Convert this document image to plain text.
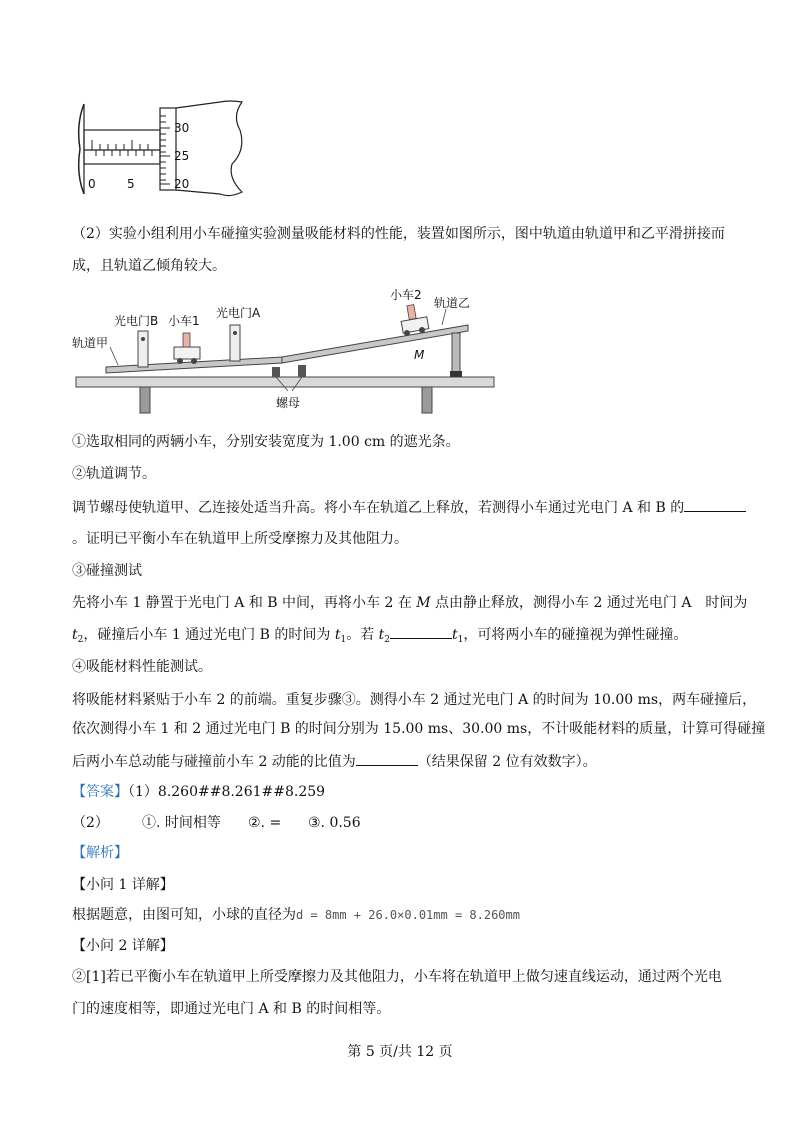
30
25
20
0	5
（2）实验小组利用小车碰撞实验测量吸能材料的性能，装置如图所示，图中轨道由轨道甲和乙平滑拼接而
成，且轨道乙倾角较大。
光电门B 小车1
光电门A
小车2
轨道乙
轨道甲
M
螺母
①选取相同的两辆小车，分别安装宽度为 1.00 cm 的遮光条。
②轨道调节。
调节螺母使轨道甲、乙连接处适当升高。将小车在轨道乙上释放，若测得小车通过光电门 A 和 B 的
。证明已平衡小车在轨道甲上所受摩擦力及其他阻力。
③碰撞测试
先将小车 1 静置于光电门 A 和 B 中间，再将小车 2 在 M 点由静止释放，测得小车 2 通过光电门 A　时间为
$t_2$，碰撞后小车 1 通过光电门 B 的时间为 $t_1$。若 $t_2$	$t_1$，可将两小车的碰撞视为弹性碰撞。
④吸能材料性能测试。
将吸能材料紧贴于小车 2 的前端。重复步骤③。测得小车 2 通过光电门 A 的时间为 10.00 ms，两车碰撞后，
依次测得小车 1 和 2 通过光电门 B 的时间分别为 15.00 ms、30.00 ms，不计吸能材料的质量，计算可得碰撞
后两小车总动能与碰撞前小车 2 动能的比值为	（结果保留 2 位有效数字）。
【答案】（1）8.260##8.261##8.259
（2） ①. 时间相等 ②. = ③. 0.56
【解析】
【小问 1 详解】
根据题意，由图可知，小球的直径为d = 8mm + 26.0×0.01mm = 8.260mm
【小问 2 详解】
②[1]若已平衡小车在轨道甲上所受摩擦力及其他阻力，小车将在轨道甲上做匀速直线运动，通过两个光电
门的速度相等，即通过光电门 A 和 B 的时间相等。
第 5 页/共 12 页
